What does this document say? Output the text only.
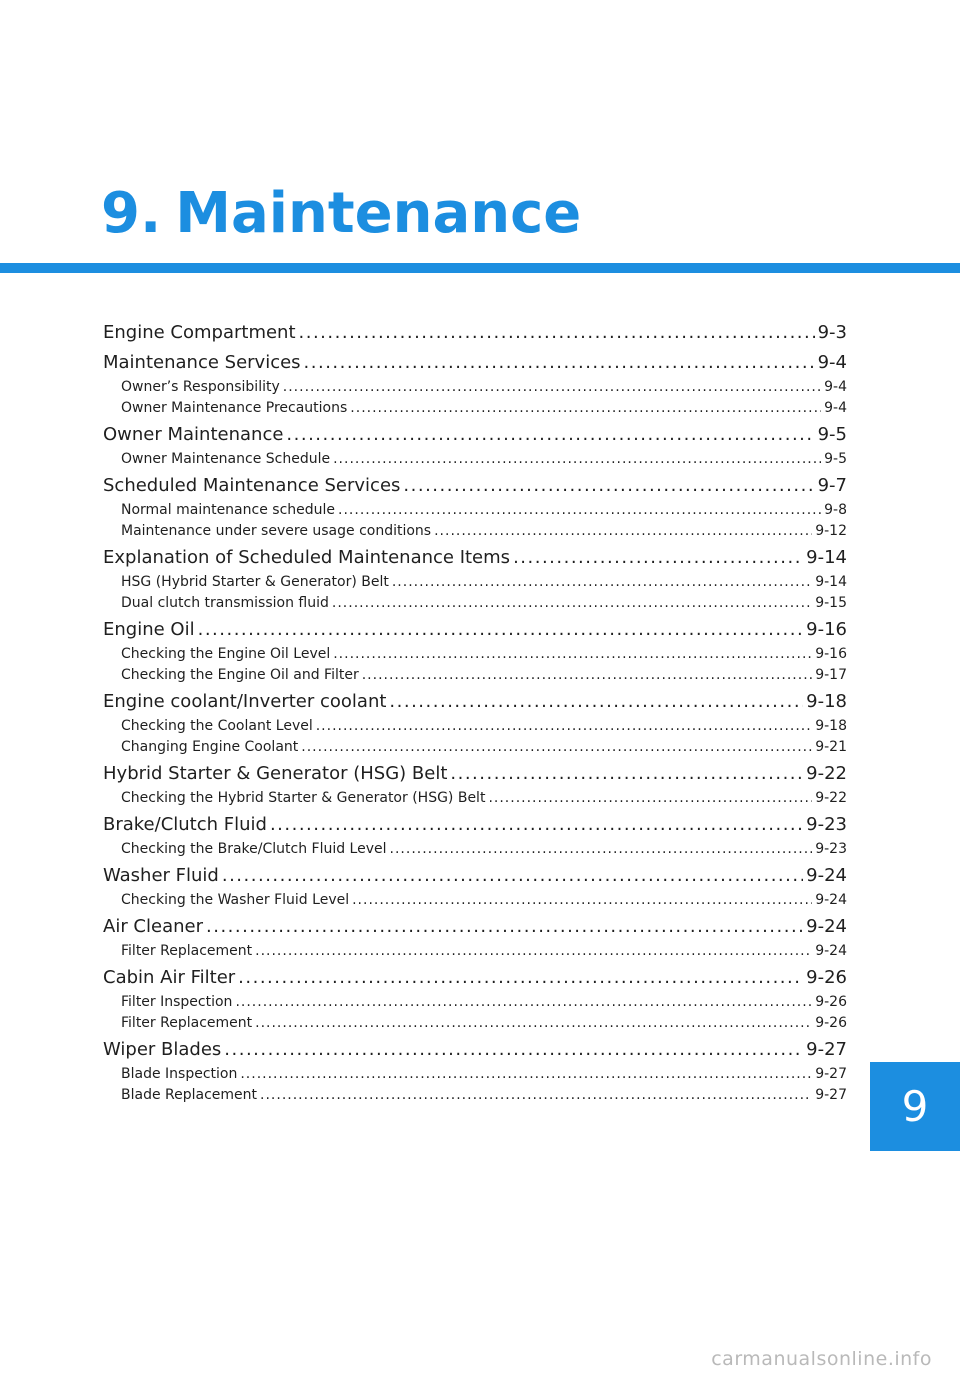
9. Maintenance
Engine Compartment .....	9-3
Maintenance Services .....	9-4
Owner’s Responsibility .....	9-4
Owner Maintenance Precautions .....	9-4
Owner Maintenance .....	9-5
Owner Maintenance Schedule .....	9-5
Scheduled Maintenance Services .....	9-7
Normal maintenance schedule .....	9-8
Maintenance under severe usage conditions .....	9-12
Explanation of Scheduled Maintenance Items .....	9-14
HSG (Hybrid Starter & Generator) Belt .....	9-14
Dual clutch transmission fluid .....	9-15
Engine Oil .....	9-16
Checking the Engine Oil Level .....	9-16
Checking the Engine Oil and Filter .....	9-17
Engine coolant/Inverter coolant .....	9-18
Checking the Coolant Level .....	9-18
Changing Engine Coolant .....	9-21
Hybrid Starter & Generator (HSG) Belt .....	9-22
Checking the Hybrid Starter & Generator (HSG) Belt .....	9-22
Brake/Clutch Fluid .....	9-23
Checking the Brake/Clutch Fluid Level .....	9-23
Washer Fluid .....	9-24
Checking the Washer Fluid Level .....	9-24
Air Cleaner .....	9-24
Filter Replacement .....	9-24
Cabin Air Filter .....	9-26
Filter Inspection .....	9-26
Filter Replacement .....	9-26
Wiper Blades .....	9-27
Blade Inspection .....	9-27
Blade Replacement .....	9-27	9
carmanualsonline.info
